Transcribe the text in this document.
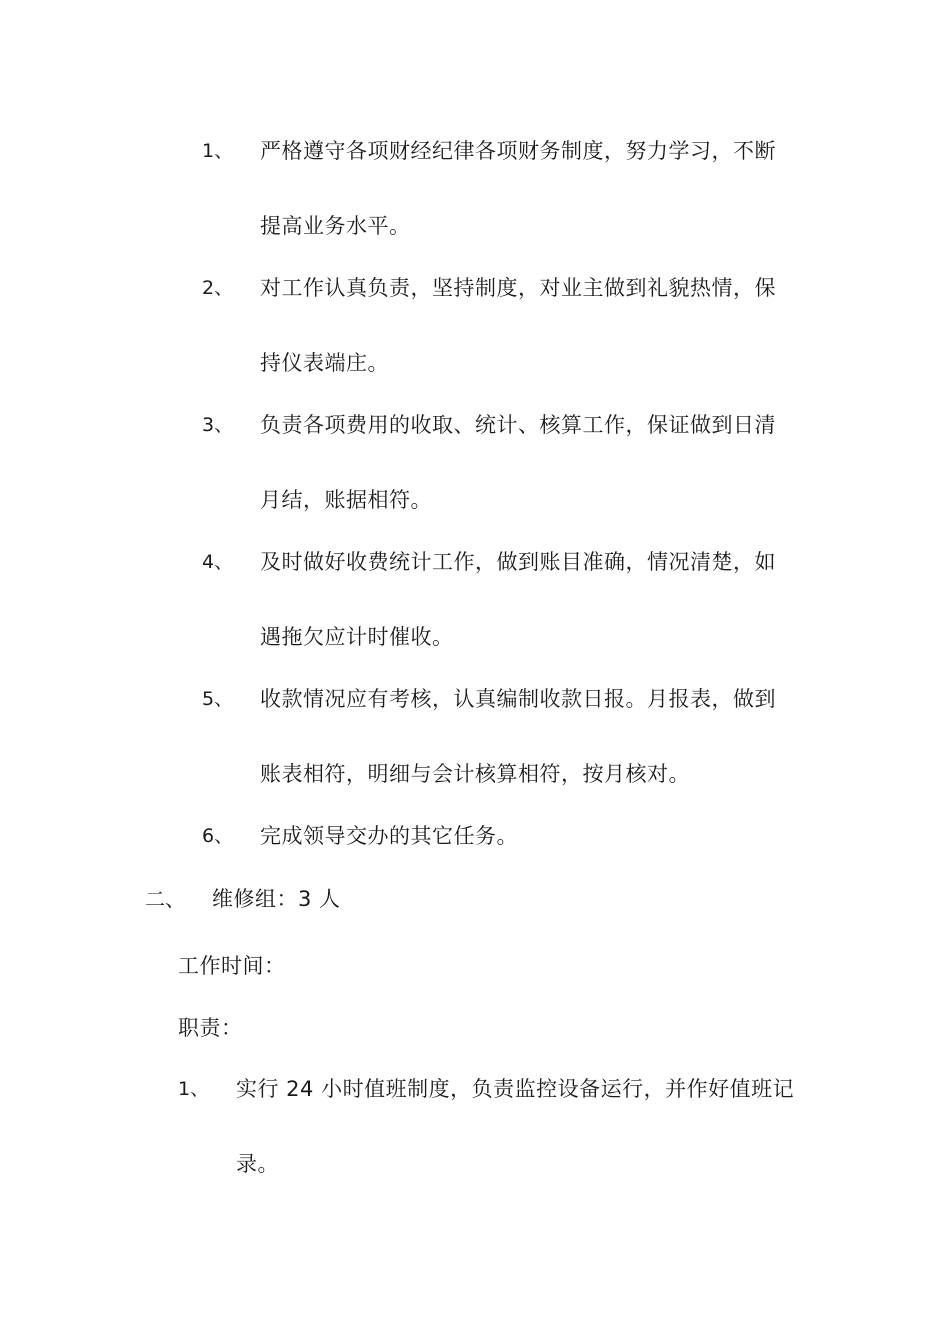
1、 严格遵守各项财经纪律各项财务制度，努力学习，不断
提高业务水平。
2、 对工作认真负责，坚持制度，对业主做到礼貌热情，保
持仪表端庄。
3、 负责各项费用的收取、统计、核算工作，保证做到日清
月结，账据相符。
4、 及时做好收费统计工作，做到账目准确，情况清楚，如
遇拖欠应计时催收。
5、 收款情况应有考核，认真编制收款日报。月报表，做到
账表相符，明细与会计核算相符，按月核对。
6、 完成领导交办的其它任务。
二、 维修组：3 人
工作时间：
职责：
1、 实行 24 小时值班制度，负责监控设备运行，并作好值班记
录。
